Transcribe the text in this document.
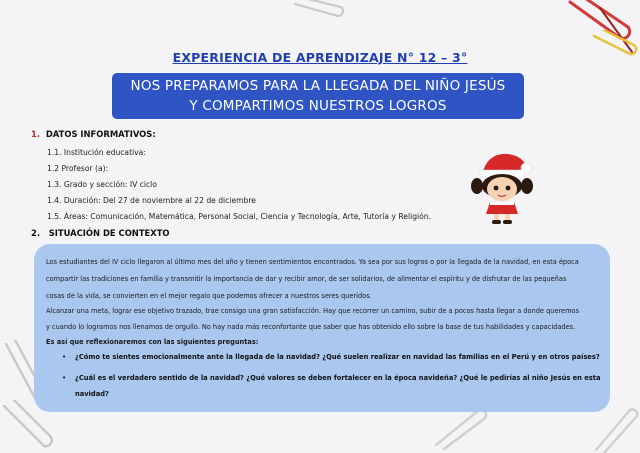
EXPERIENCIA DE APRENDIZAJE N° 12 – 3°
NOS PREPARAMOS PARA LA LLEGADA DEL NIÑO JESÚS
Y COMPARTIMOS NUESTROS LOGROS
1. DATOS INFORMATIVOS:
1.1. Institución educativa:
1.2 Profesor (a):
1.3. Grado y sección: IV ciclo
1.4. Duración: Del 27 de noviembre al 22 de diciembre
1.5. Áreas: Comunicación, Matemática, Personal Social, Ciencia y Tecnología, Arte, Tutoría y Religión.
2. SITUACIÓN DE CONTEXTO
Los estudiantes del IV ciclo llegaron al último mes del año y tienen sentimientos encontrados. Ya sea por sus logros o por la llegada de la navidad, en esta época
compartir las tradiciones en familia y transmitir la importancia de dar y recibir amor, de ser solidarios, de alimentar el espíritu y de disfrutar de las pequeñas
cosas de la vida, se convierten en el mejor regalo que podemos ofrecer a nuestros seres queridos.
Alcanzar una meta, lograr ese objetivo trazado, trae consigo una gran satisfacción. Hay que recorrer un camino, subir de a pocos hasta llegar a donde queremos
y cuando lo logramos nos llenamos de orgullo. No hay nada más reconfortante que saber que has obtenido ello sobre la base de tus habilidades y capacidades.
Es así que reflexionaremos con las siguientes preguntas:
• ¿Cómo te sientes emocionalmente ante la llegada de la navidad? ¿Qué suelen realizar en navidad las familias en el Perú y en otros países?
• ¿Cuál es el verdadero sentido de la navidad? ¿Qué valores se deben fortalecer en la época navideña? ¿Qué le pedirías al niño Jesús en esta
navidad?
